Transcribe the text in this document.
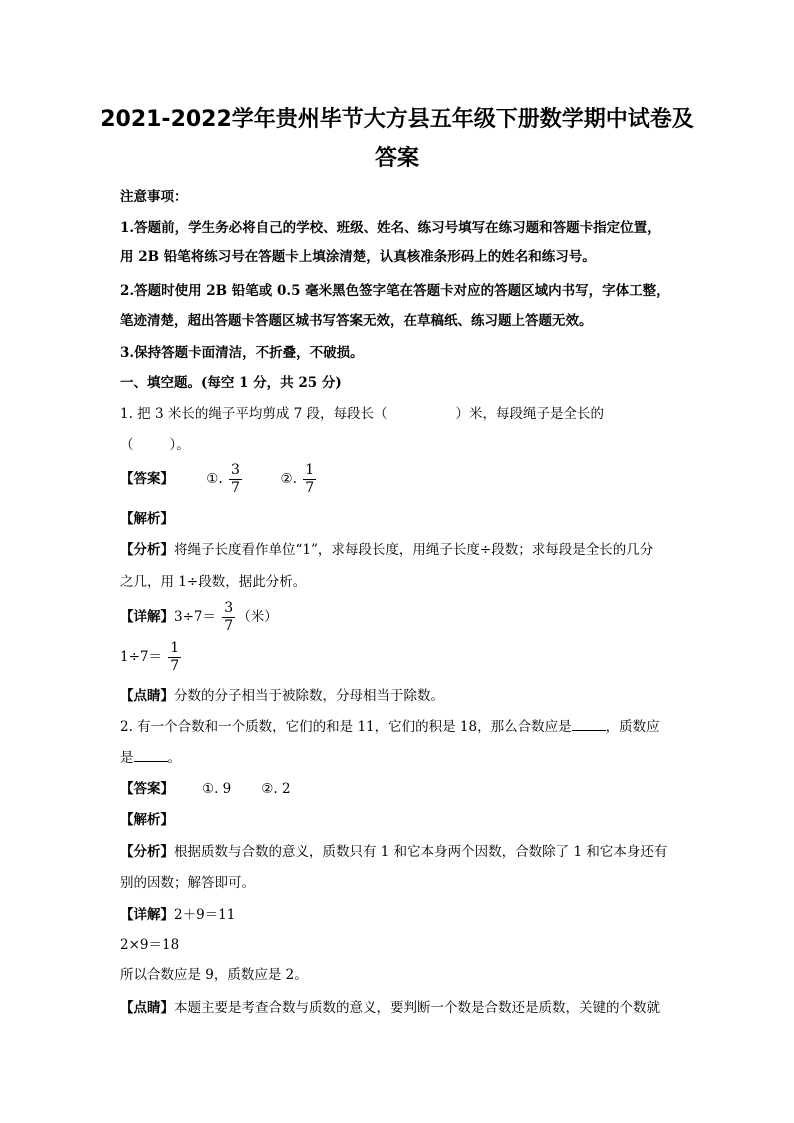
2021-2022学年贵州毕节大方县五年级下册数学期中试卷及
答案
注意事项：
1.答题前，学生务必将自己的学校、班级、姓名、练习号填写在练习题和答题卡指定位置，
用 2B 铅笔将练习号在答题卡上填涂清楚，认真核准条形码上的姓名和练习号。
2.答题时使用 2B 铅笔或 0.5 毫米黑色签字笔在答题卡对应的答题区域内书写，字体工整，
笔迹清楚，超出答题卡答题区城书写答案无效，在草稿纸、练习题上答题无效。
3.保持答题卡面清洁，不折叠，不破损。
一、填空题。(每空 1 分，共 25 分)
1. 把 3 米长的绳子平均剪成 7 段，每段长（	）米，每段绳子是全长的
（	）。
【答案】 ①. $\frac{3}{7}$	②. $\frac{1}{7}$
【解析】
【分析】将绳子长度看作单位“1”，求每段长度，用绳子长度÷段数；求每段是全长的几分
之几，用 1÷段数，据此分析。
【详解】$3\div 7= \frac{3}{7}$ （米）
$1\div 7= \frac{1}{7}$
【点睛】分数的分子相当于被除数，分母相当于除数。
2. 有一个合数和一个质数，它们的和是 11，它们的积是 18，那么合数应是	，质数应
是	。
【答案】 ①. 9 ②. 2
【解析】
【分析】根据质数与合数的意义，质数只有 1 和它本身两个因数，合数除了 1 和它本身还有
别的因数；解答即可。
【详解】2＋9＝11
2×9＝18
所以合数应是 9，质数应是 2。
【点睛】本题主要是考查合数与质数的意义，要判断一个数是合数还是质数，关键的个数就
